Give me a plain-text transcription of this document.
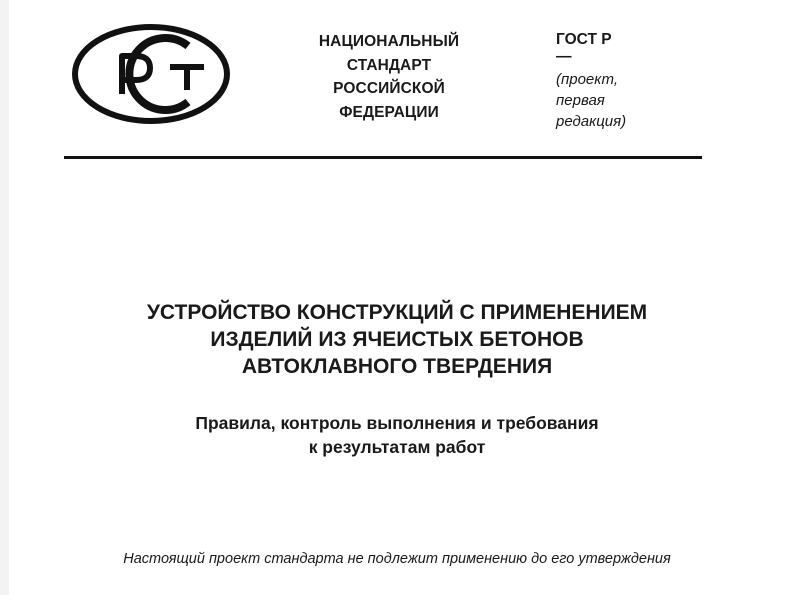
НАЦИОНАЛЬНЫЙ
СТАНДАРТ
РОССИЙСКОЙ
ФЕДЕРАЦИИ
ГОСТ Р
—
(проект,
первая
редакция)
УСТРОЙСТВО КОНСТРУКЦИЙ С ПРИМЕНЕНИЕМ
ИЗДЕЛИЙ ИЗ ЯЧЕИСТЫХ БЕТОНОВ
АВТОКЛАВНОГО ТВЕРДЕНИЯ
Правила, контроль выполнения и требования
к результатам работ
Настоящий проект стандарта не подлежит применению до его утверждения
